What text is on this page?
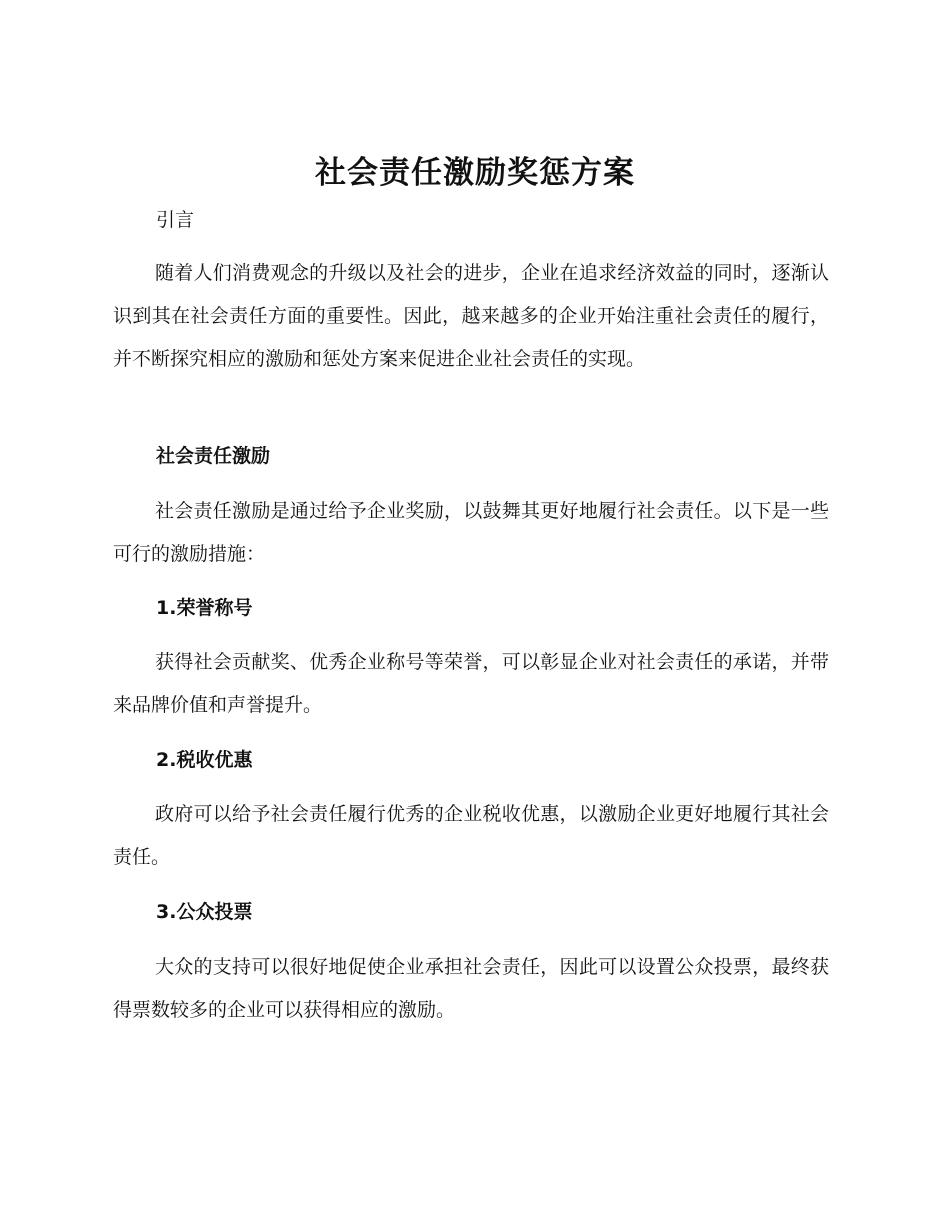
社会责任激励奖惩方案
引言

随着人们消费观念的升级以及社会的进步，企业在追求经济效益的同时，逐渐认识到其在社会责任方面的重要性。因此，越来越多的企业开始注重社会责任的履行，并不断探究相应的激励和惩处方案来促进企业社会责任的实现。

社会责任激励

社会责任激励是通过给予企业奖励，以鼓舞其更好地履行社会责任。以下是一些可行的激励措施：

1.荣誉称号

获得社会贡献奖、优秀企业称号等荣誉，可以彰显企业对社会责任的承诺，并带来品牌价值和声誉提升。

2.税收优惠

政府可以给予社会责任履行优秀的企业税收优惠，以激励企业更好地履行其社会责任。

3.公众投票

大众的支持可以很好地促使企业承担社会责任，因此可以设置公众投票，最终获得票数较多的企业可以获得相应的激励。
